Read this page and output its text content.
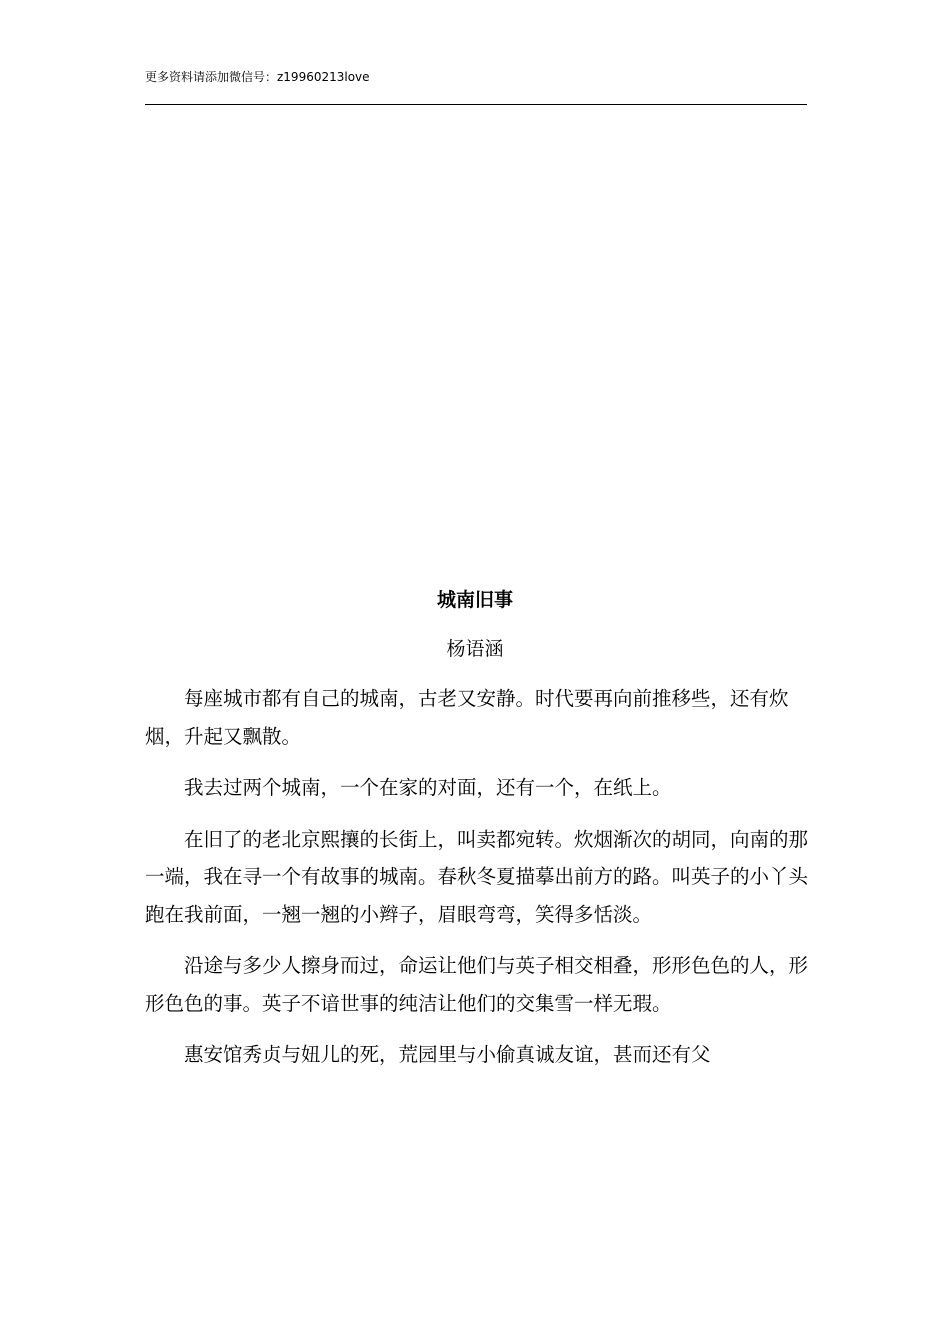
更多资料请添加微信号：z19960213love
城南旧事
杨语涵

每座城市都有自己的城南，古老又安静。时代要再向前推移些，还有炊烟，升起又飘散。

我去过两个城南，一个在家的对面，还有一个，在纸上。

在旧了的老北京熙攘的长街上，叫卖都宛转。炊烟渐次的胡同，向南的那一端，我在寻一个有故事的城南。春秋冬夏描摹出前方的路。叫英子的小丫头跑在我前面，一翘一翘的小辫子，眉眼弯弯，笑得多恬淡。

沿途与多少人擦身而过，命运让他们与英子相交相叠，形形色色的人，形形色色的事。英子不谙世事的纯洁让他们的交集雪一样无瑕。

惠安馆秀贞与妞儿的死，荒园里与小偷真诚友谊，甚而还有父
